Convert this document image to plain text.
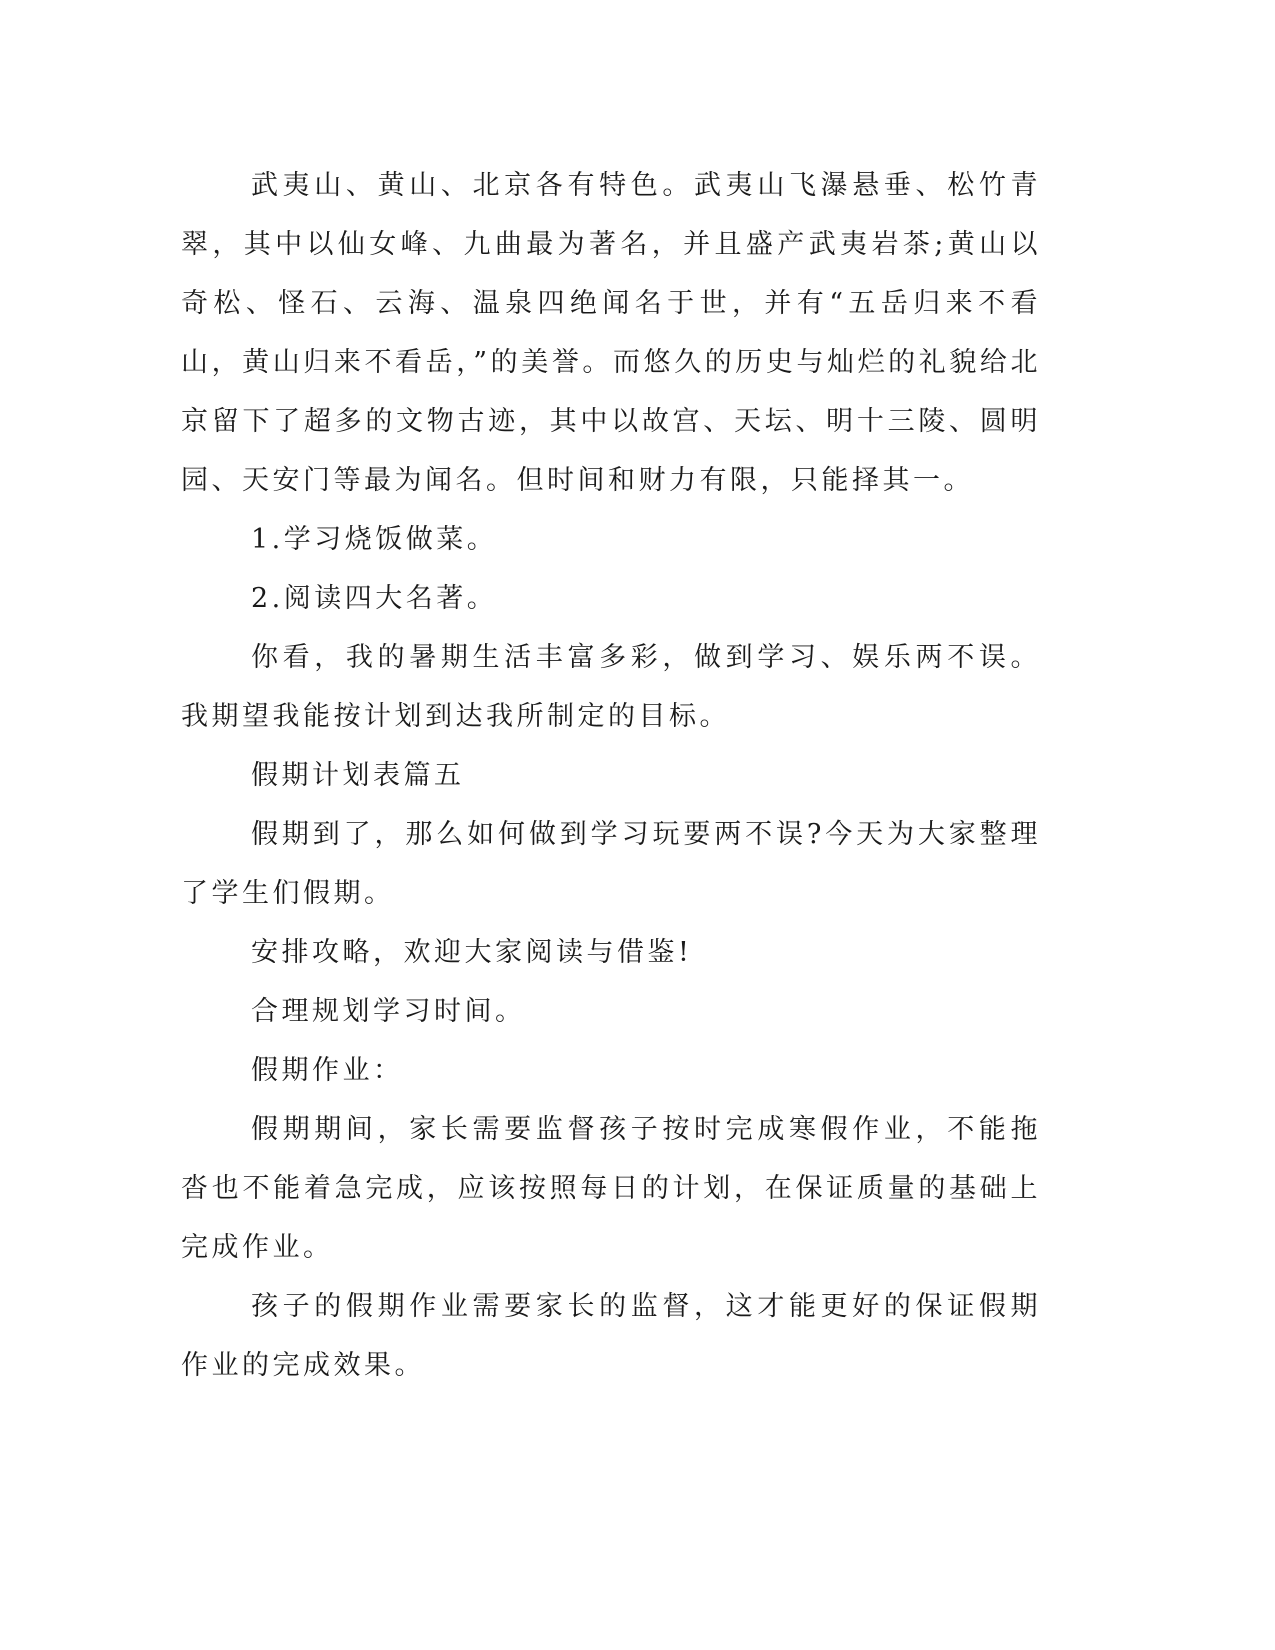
武夷山、黄山、北京各有特色。武夷山飞瀑悬垂、松竹青翠，其中以仙女峰、九曲最为著名，并且盛产武夷岩茶;黄山以奇松、怪石、云海、温泉四绝闻名于世，并有“五岳归来不看山，黄山归来不看岳，”的美誉。而悠久的历史与灿烂的礼貌给北京留下了超多的文物古迹，其中以故宫、天坛、明十三陵、圆明园、天安门等最为闻名。但时间和财力有限，只能择其一。

1.学习烧饭做菜。

2.阅读四大名著。

你看，我的暑期生活丰富多彩，做到学习、娱乐两不误。我期望我能按计划到达我所制定的目标。

假期计划表篇五

假期到了，那么如何做到学习玩要两不误?今天为大家整理了学生们假期。

安排攻略，欢迎大家阅读与借鉴!

合理规划学习时间。

假期作业：

假期期间，家长需要监督孩子按时完成寒假作业，不能拖沓也不能着急完成，应该按照每日的计划，在保证质量的基础上完成作业。

孩子的假期作业需要家长的监督，这才能更好的保证假期作业的完成效果。
